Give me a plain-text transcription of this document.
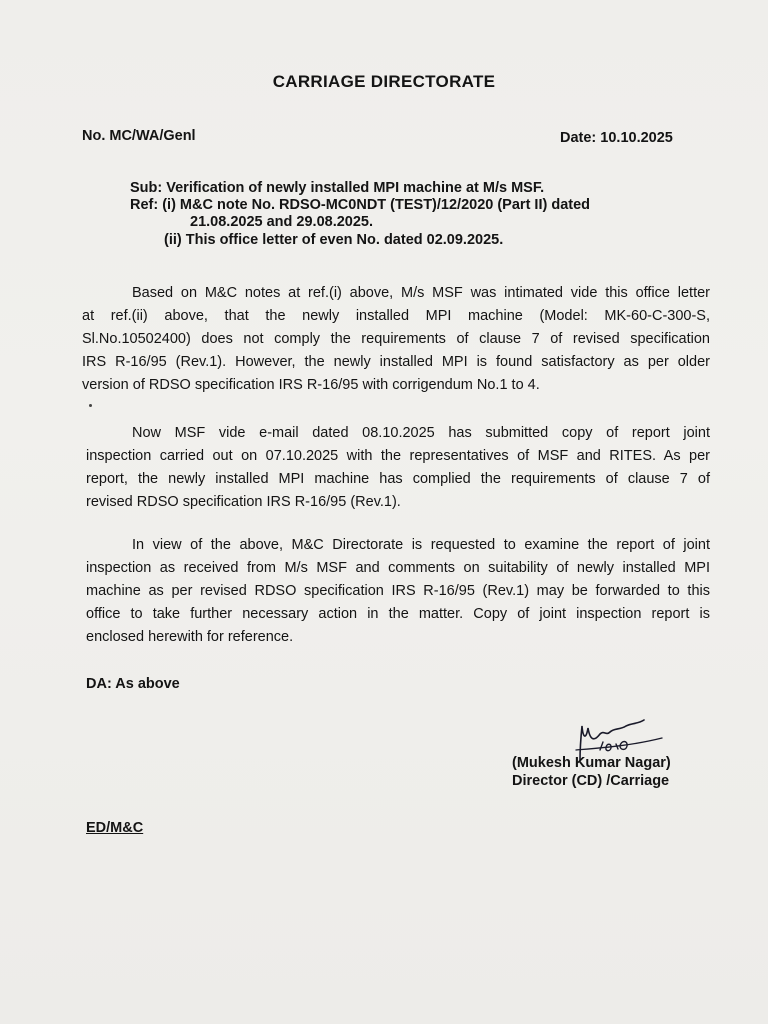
CARRIAGE DIRECTORATE
No. MC/WA/Genl	Date: 10.10.2025
Sub: Verification of newly installed MPI machine at M/s MSF.
Ref: (i) M&C note No. RDSO-MC0NDT (TEST)/12/2020 (Part II) dated
21.08.2025 and 29.08.2025.
(ii) This office letter of even No. dated 02.09.2025.
Based on M&C notes at ref.(i) above, M/s MSF was intimated vide this office letter
at ref.(ii) above, that the newly installed MPI machine (Model: MK-60-C-300-S,
Sl.No.10502400) does not comply the requirements of clause 7 of revised specification
IRS R-16/95 (Rev.1). However, the newly installed MPI is found satisfactory as per older
version of RDSO specification IRS R-16/95 with corrigendum No.1 to 4.
Now MSF vide e-mail dated 08.10.2025 has submitted copy of report joint
inspection carried out on 07.10.2025 with the representatives of MSF and RITES. As per
report, the newly installed MPI machine has complied the requirements of clause 7 of
revised RDSO specification IRS R-16/95 (Rev.1).
In view of the above, M&C Directorate is requested to examine the report of joint
inspection as received from M/s MSF and comments on suitability of newly installed MPI
machine as per revised RDSO specification IRS R-16/95 (Rev.1) may be forwarded to this
office to take further necessary action in the matter. Copy of joint inspection report is
enclosed herewith for reference.
DA: As above
(Mukesh Kumar Nagar)
Director (CD) /Carriage
ED/M&C
